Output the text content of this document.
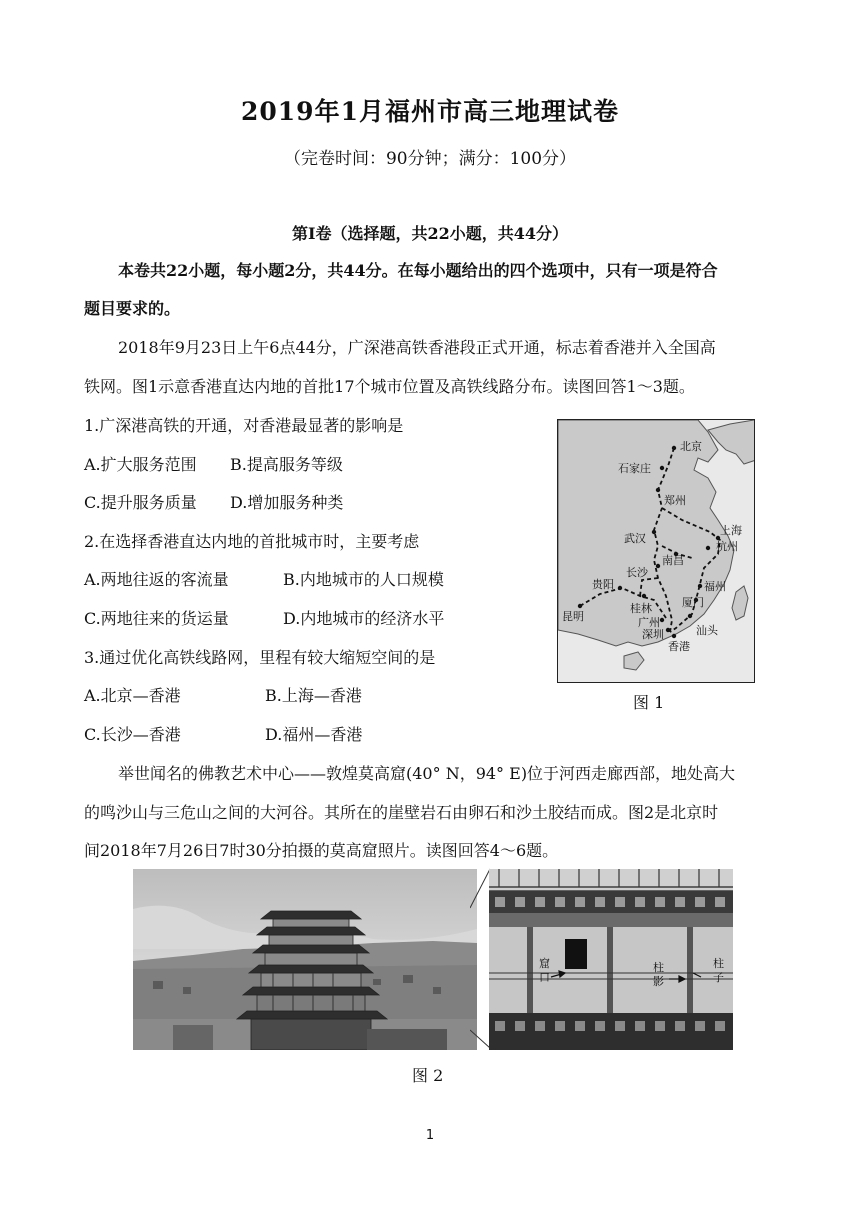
2019年1月福州市高三地理试卷
（完卷时间：90分钟；满分：100分）
第Ⅰ卷（选择题，共22小题，共44分）
本卷共22小题，每小题2分，共44分。在每小题给出的四个选项中，只有一项是符合
题目要求的。
2018年9月23日上午6点44分，广深港高铁香港段正式开通，标志着香港并入全国高
铁网。图1示意香港直达内地的首批17个城市位置及高铁线路分布。读图回答1～3题。
1.广深港高铁的开通，对香港最显著的影响是
A.扩大服务范围 B.提高服务等级
C.提升服务质量 D.增加服务种类
2.在选择香港直达内地的首批城市时，主要考虑
A.两地往返的客流量	B.内地城市的人口规模
C.两地往来的货运量	D.内地城市的经济水平
3.通过优化高铁线路网，里程有较大缩短空间的是
A.北京—香港	B.上海—香港
C.长沙—香港	D.福州—香港
北京
石家庄
郑州
上海
杭州
武汉
南昌
长沙
福州
厦门
贵阳
桂林
昆明	广州
深圳	汕头
香港
图 1
举世闻名的佛教艺术中心——敦煌莫高窟(40° N，94° E)位于河西走廊西部，地处高大
的鸣沙山与三危山之间的大河谷。其所在的崖壁岩石由卵石和沙土胶结而成。图2是北京时
间2018年7月26日7时30分拍摄的莫高窟照片。读图回答4～6题。
窟
口
柱
影
柱
子
图 2
1
